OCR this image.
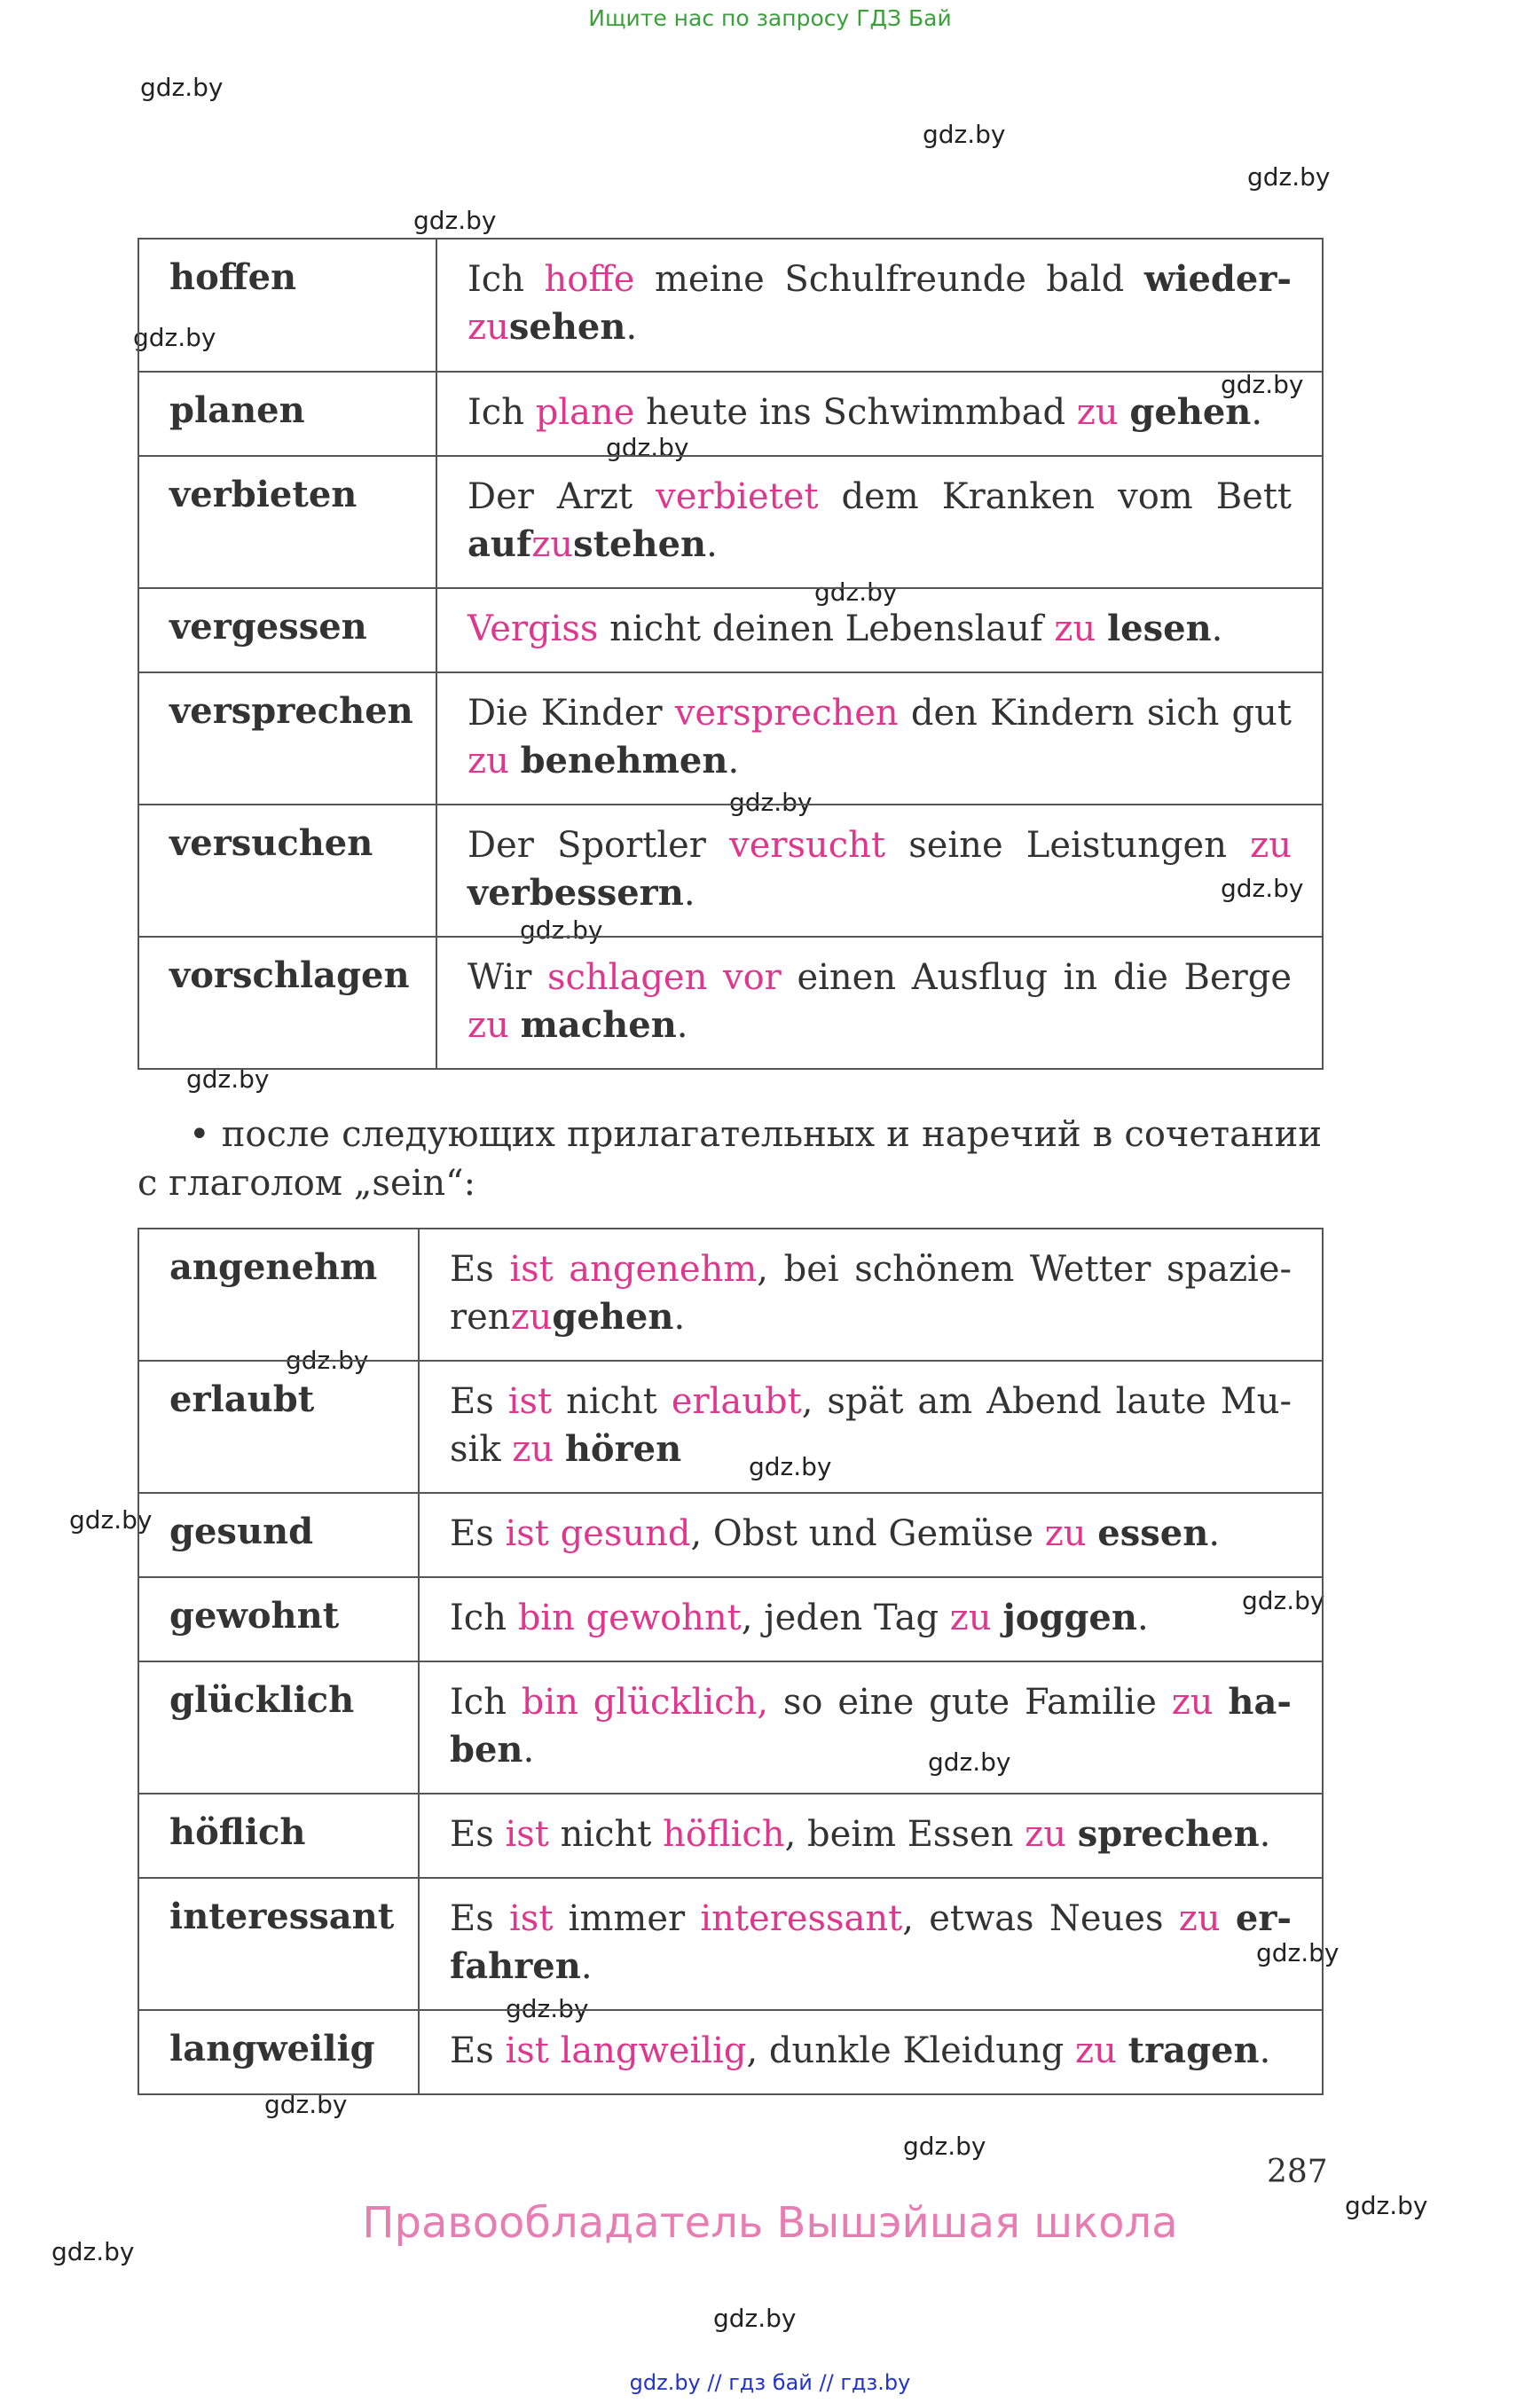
Ищите нас по запросу ГДЗ Бай
gdz.by
gdz.by
gdz.by
gdz.by
gdz.by
gdz.by
gdz.by
gdz.by
gdz.by
gdz.by
gdz.by
gdz.by
gdz.by
gdz.by
gdz.by
gdz.by
gdz.by
gdz.by
gdz.by
gdz.by
gdz.by
gdz.by
gdz.by
gdz.by
hoffen	Ich hoffe meine Schulfreunde bald wieder-zusehen.
planen	Ich plane heute ins Schwimmbad zu gehen.
verbieten	Der Arzt verbietet dem Kranken vom Bett aufzustehen.
vergessen	Vergiss nicht deinen Lebenslauf zu lesen.
versprechen	Die Kinder versprechen den Kindern sich gut zu benehmen.
versuchen	Der Sportler versucht seine Leistungen zu verbessern.
vorschlagen	Wir schlagen vor einen Ausflug in die Berge zu machen.
• после следующих прилагательных и наречий в сочетании с глаголом „sein“:
angenehm	Es ist angenehm, bei schönem Wetter spazie-renzugehen.
erlaubt	Es ist nicht erlaubt, spät am Abend laute Mu-sik zu hören
gesund	Es ist gesund, Obst und Gemüse zu essen.
gewohnt	Ich bin gewohnt, jeden Tag zu joggen.
glücklich	Ich bin glücklich, so eine gute Familie zu ha-ben.
höflich	Es ist nicht höflich, beim Essen zu sprechen.
interessant	Es ist immer interessant, etwas Neues zu er-fahren.
langweilig	Es ist langweilig, dunkle Kleidung zu tragen.
287
Правообладатель Вышэйшая школа
gdz.by // гдз бай // гдз.by
